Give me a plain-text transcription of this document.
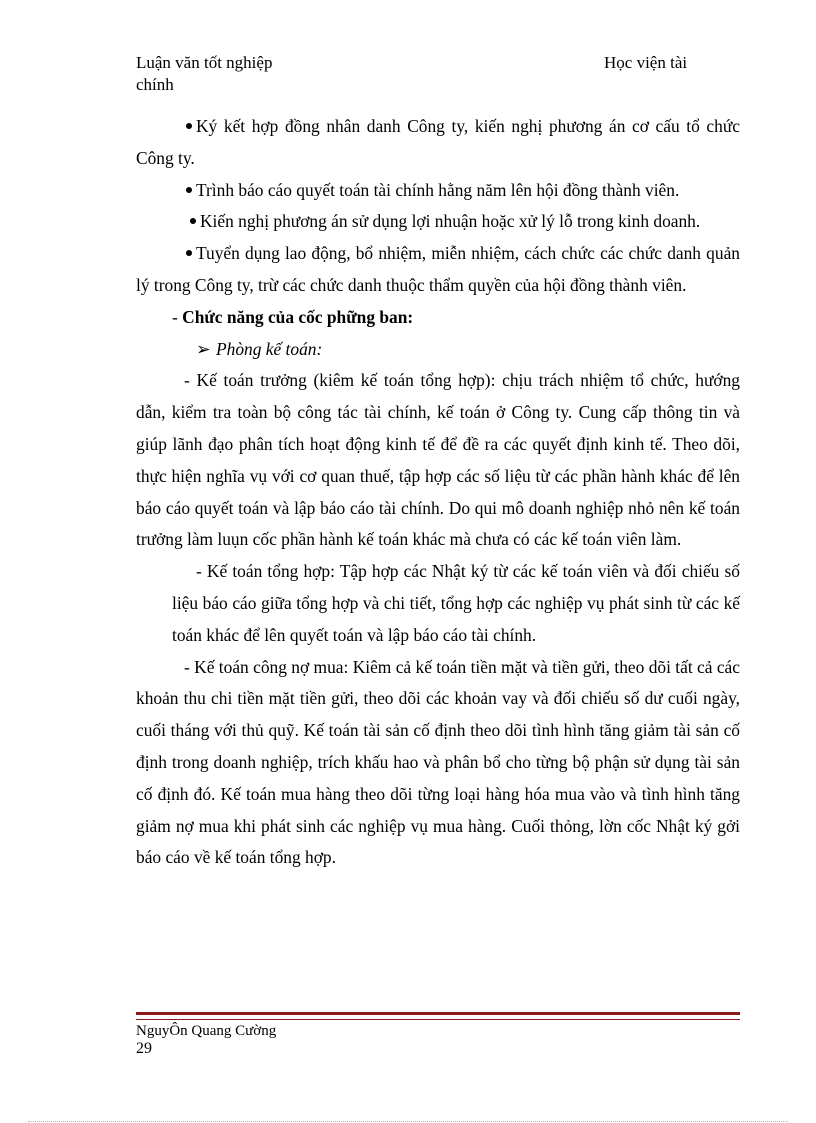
Luận văn tốt nghiệp	Học viện tài
chính

Ký kết hợp đồng nhân danh Công ty, kiến nghị phương án cơ cấu tổ chức Công ty.

Trình báo cáo quyết toán tài chính hằng năm lên hội đồng thành viên.

Kiến nghị phương án sử dụng lợi nhuận hoặc xử lý lỗ trong kinh doanh.

Tuyển dụng lao động, bổ nhiệm, miễn nhiệm, cách chức các chức danh quản lý trong Công ty, trừ các chức danh thuộc thẩm quyền của hội đồng thành viên.

- Chức năng của cốc phững ban:

➢ Phòng kế toán:

- Kế toán trưởng (kiêm kế toán tổng hợp): chịu trách nhiệm tổ chức, hướng dẫn, kiểm tra toàn bộ công tác tài chính, kế toán ở Công ty. Cung cấp thông tin và giúp lãnh đạo phân tích hoạt động kinh tế để đề ra các quyết định kinh tế. Theo dõi, thực hiện nghĩa vụ với cơ quan thuế, tập hợp các số liệu từ các phần hành khác để lên báo cáo quyết toán và lập báo cáo tài chính. Do qui mô doanh nghiệp nhỏ nên kế toán trưởng làm luụn cốc phần hành kế toán khác mà chưa có các kế toán viên làm.

- Kế toán tổng hợp: Tập hợp các Nhật ký từ các kế toán viên và đối chiếu số liệu báo cáo giữa tổng hợp và chi tiết, tổng hợp các nghiệp vụ phát sinh từ các kế toán khác để lên quyết toán và lập báo cáo tài chính.

- Kế toán công nợ mua: Kiêm cả kế toán tiền mặt và tiền gửi, theo dõi tất cả các khoản thu chi tiền mặt tiền gửi, theo dõi các khoản vay và đối chiếu số dư cuối ngày, cuối tháng với thủ quỹ. Kế toán tài sản cố định theo dõi tình hình tăng giảm tài sản cố định trong doanh nghiệp, trích khấu hao và phân bổ cho từng bộ phận sử dụng tài sản cố định đó. Kế toán mua hàng theo dõi từng loại hàng hóa mua vào và tình hình tăng giảm nợ mua khi phát sinh các nghiệp vụ mua hàng. Cuối thỏng, lờn cốc Nhật ký gởi báo cáo về kế toán tổng hợp.

NguyÔn Quang Cường
29
